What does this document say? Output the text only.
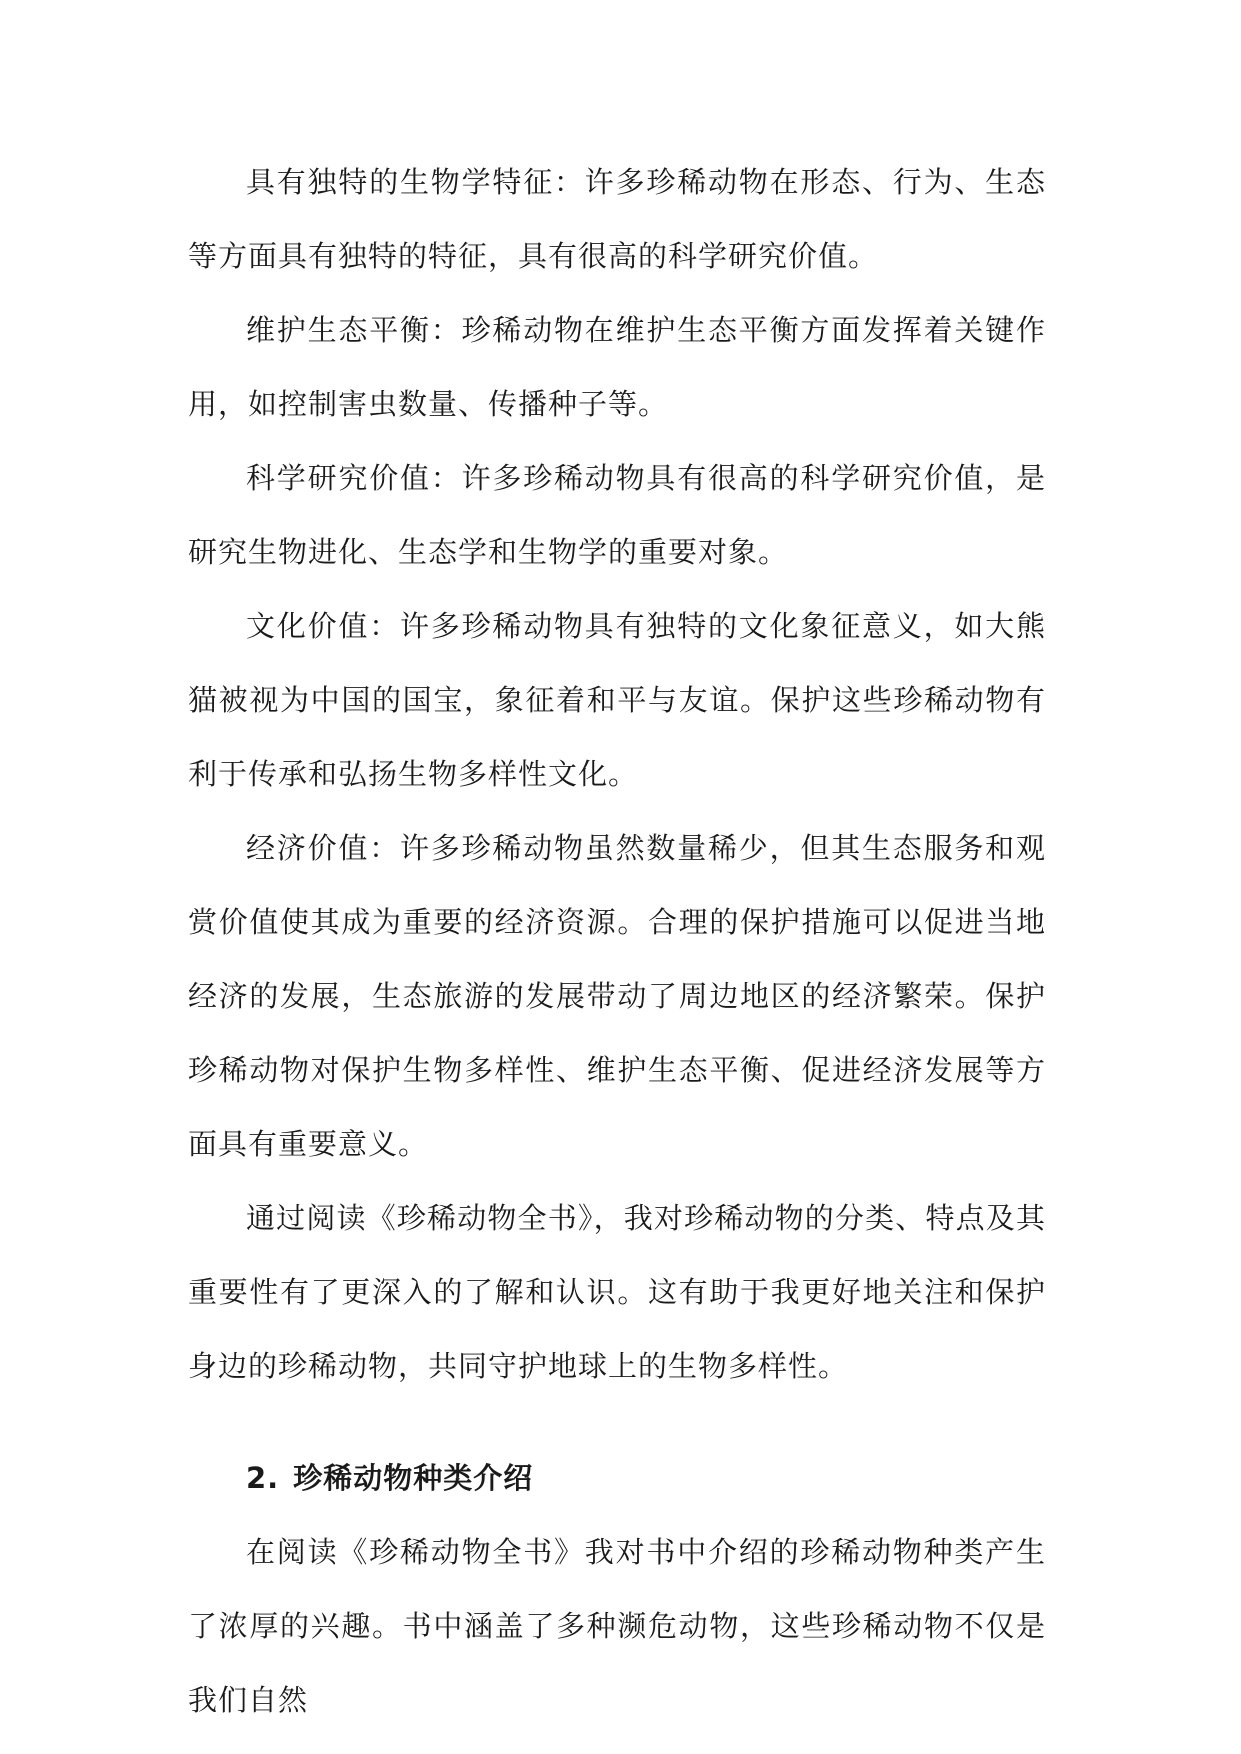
具有独特的生物学特征：许多珍稀动物在形态、行为、生态等方面具有独特的特征，具有很高的科学研究价值。

维护生态平衡：珍稀动物在维护生态平衡方面发挥着关键作用，如控制害虫数量、传播种子等。

科学研究价值：许多珍稀动物具有很高的科学研究价值，是研究生物进化、生态学和生物学的重要对象。

文化价值：许多珍稀动物具有独特的文化象征意义，如大熊猫被视为中国的国宝，象征着和平与友谊。保护这些珍稀动物有利于传承和弘扬生物多样性文化。

经济价值：许多珍稀动物虽然数量稀少，但其生态服务和观赏价值使其成为重要的经济资源。合理的保护措施可以促进当地经济的发展，生态旅游的发展带动了周边地区的经济繁荣。保护珍稀动物对保护生物多样性、维护生态平衡、促进经济发展等方面具有重要意义。

通过阅读《珍稀动物全书》，我对珍稀动物的分类、特点及其重要性有了更深入的了解和认识。这有助于我更好地关注和保护身边的珍稀动物，共同守护地球上的生物多样性。

2. 珍稀动物种类介绍

在阅读《珍稀动物全书》我对书中介绍的珍稀动物种类产生了浓厚的兴趣。书中涵盖了多种濒危动物，这些珍稀动物不仅是我们自然
